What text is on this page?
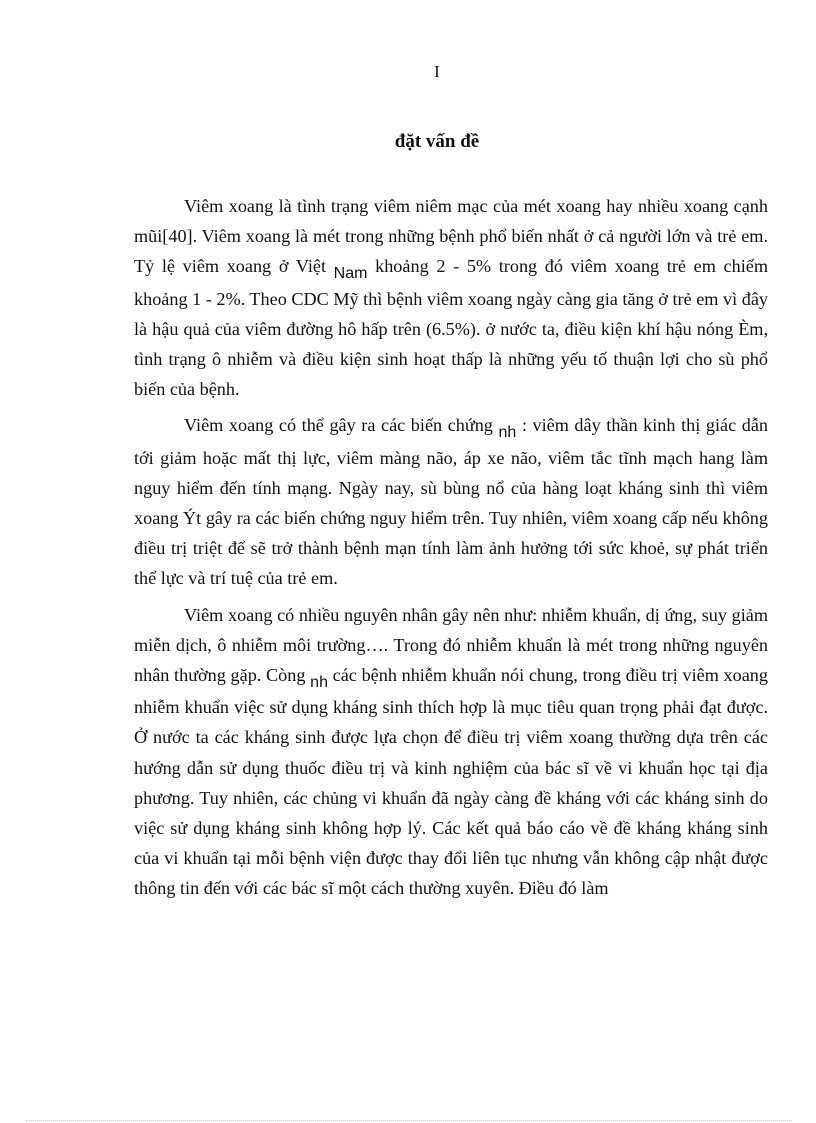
I
đặt vấn đề

Viêm xoang là tình trạng viêm niêm mạc của mét xoang hay nhiều xoang cạnh mũi[40]. Viêm xoang là mét trong những bệnh phổ biến nhất ở cả người lớn và trẻ em. Tỷ lệ viêm xoang ở Việt Nam khoảng 2 - 5% trong đó viêm xoang trẻ em chiếm khoảng 1 - 2%. Theo CDC Mỹ thì bệnh viêm xoang ngày càng gia tăng ở trẻ em vì đây là hậu quả của viêm đường hô hấp trên (6.5%). ở nước ta, điều kiện khí hậu nóng Èm, tình trạng ô nhiễm và điều kiện sinh hoạt thấp là những yếu tố thuận lợi cho sù phổ biến của bệnh.

Viêm xoang có thể gây ra các biến chứng nh : viêm dây thần kinh thị giác dẫn tới giảm hoặc mất thị lực, viêm màng não, áp xe não, viêm tắc tĩnh mạch hang làm nguy hiểm đến tính mạng. Ngày nay, sù bùng nổ của hàng loạt kháng sinh thì viêm xoang Ýt gây ra các biến chứng nguy hiểm trên. Tuy nhiên, viêm xoang cấp nếu không điều trị triệt để sẽ trở thành bệnh mạn tính làm ảnh hưởng tới sức khoẻ, sự phát triển thể lực và trí tuệ của trẻ em.

Viêm xoang có nhiều nguyên nhân gây nên như: nhiễm khuẩn, dị ứng, suy giảm miễn dịch, ô nhiễm môi trường…. Trong đó nhiễm khuẩn là mét trong những nguyên nhân thường gặp. Còng nh các bệnh nhiễm khuẩn nói chung, trong điều trị viêm xoang nhiễm khuẩn việc sử dụng kháng sinh thích hợp là mục tiêu quan trọng phải đạt được. Ở nước ta các kháng sinh được lựa chọn để điều trị viêm xoang thường dựa trên các hướng dẫn sử dụng thuốc điều trị và kinh nghiệm của bác sĩ về vi khuẩn học tại địa phương. Tuy nhiên, các chủng vi khuẩn đã ngày càng đề kháng với các kháng sinh do việc sử dụng kháng sinh không hợp lý. Các kết quả báo cáo về đề kháng kháng sinh của vi khuẩn tại mỗi bệnh viện được thay đổi liên tục nhưng vẫn không cập nhật được thông tin đến với các bác sĩ một cách thường xuyên. Điều đó làm
